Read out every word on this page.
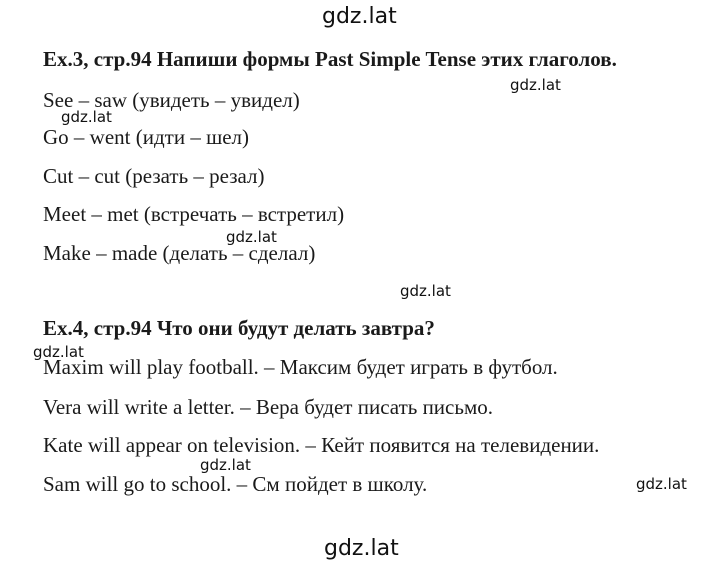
gdz.lat
Ex.3, стр.94 Напиши формы Past Simple Tense этих глаголов.
gdz.lat
See – saw (увидеть – увидел)
gdz.lat
Go – went (идти – шел)
Cut – cut (резать – резал)
Meet – met (встречать – встретил)
gdz.lat
Make – made (делать – сделал)
gdz.lat
Ex.4, стр.94 Что они будут делать завтра?
gdz.lat
Maxim will play football. – Максим будет играть в футбол.
Vera will write a letter. – Вера будет писать письмо.
Kate will appear on television. – Кейт появится на телевидении.
gdz.lat
Sam will go to school. – См пойдет в школу.	gdz.lat
gdz.lat
